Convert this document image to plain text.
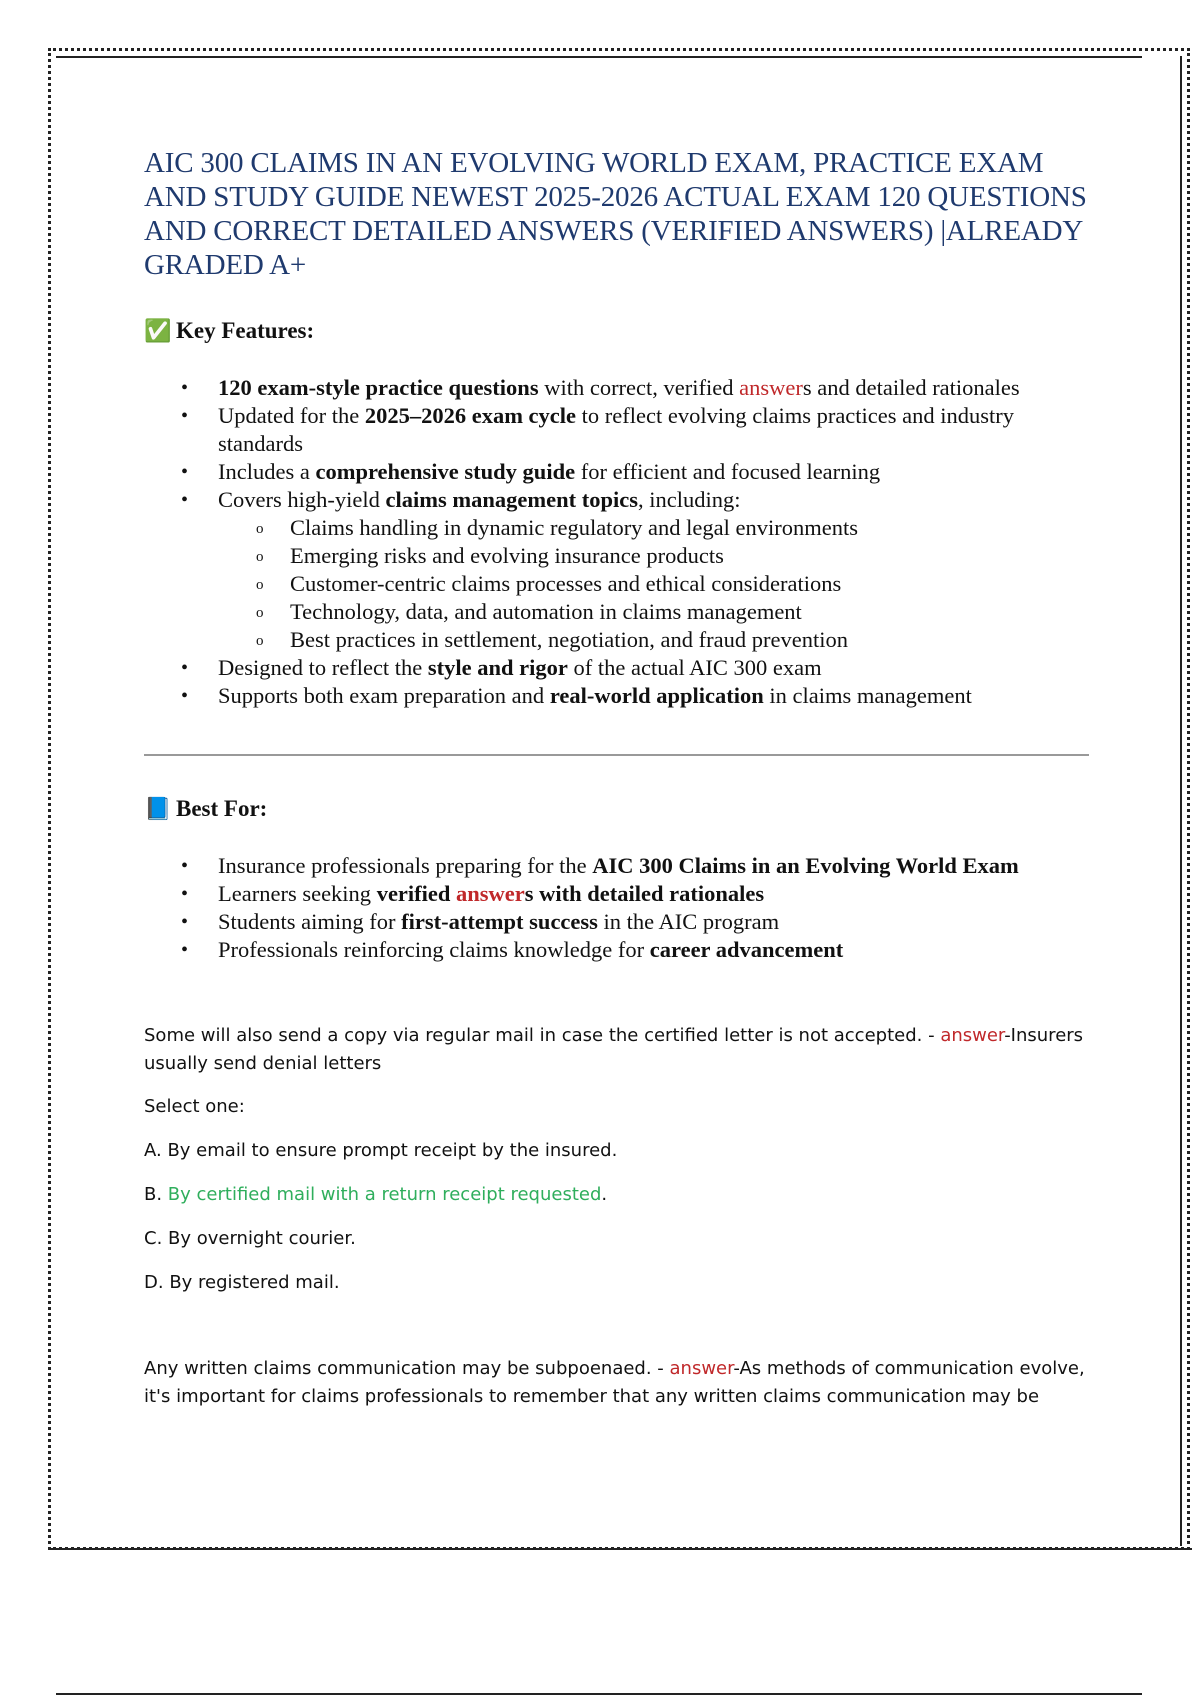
AIC 300 CLAIMS IN AN EVOLVING WORLD EXAM, PRACTICE EXAM AND STUDY GUIDE NEWEST 2025-2026 ACTUAL EXAM 120 QUESTIONS AND CORRECT DETAILED ANSWERS (VERIFIED ANSWERS) |ALREADY GRADED A+
✅ Key Features:
• 120 exam-style practice questions with correct, verified answers and detailed rationales
• Updated for the 2025–2026 exam cycle to reflect evolving claims practices and industry standards
• Includes a comprehensive study guide for efficient and focused learning
• Covers high-yield claims management topics, including:
o Claims handling in dynamic regulatory and legal environments
o Emerging risks and evolving insurance products
o Customer-centric claims processes and ethical considerations
o Technology, data, and automation in claims management
o Best practices in settlement, negotiation, and fraud prevention
• Designed to reflect the style and rigor of the actual AIC 300 exam
• Supports both exam preparation and real-world application in claims management
📘 Best For:
• Insurance professionals preparing for the AIC 300 Claims in an Evolving World Exam
• Learners seeking verified answers with detailed rationales
• Students aiming for first-attempt success in the AIC program
• Professionals reinforcing claims knowledge for career advancement

Some will also send a copy via regular mail in case the certified letter is not accepted. - answer-Insurers usually send denial letters

Select one:

A. By email to ensure prompt receipt by the insured.

B. By certified mail with a return receipt requested.

C. By overnight courier.

D. By registered mail.

Any written claims communication may be subpoenaed. - answer-As methods of communication evolve, it's important for claims professionals to remember that any written claims communication may be
